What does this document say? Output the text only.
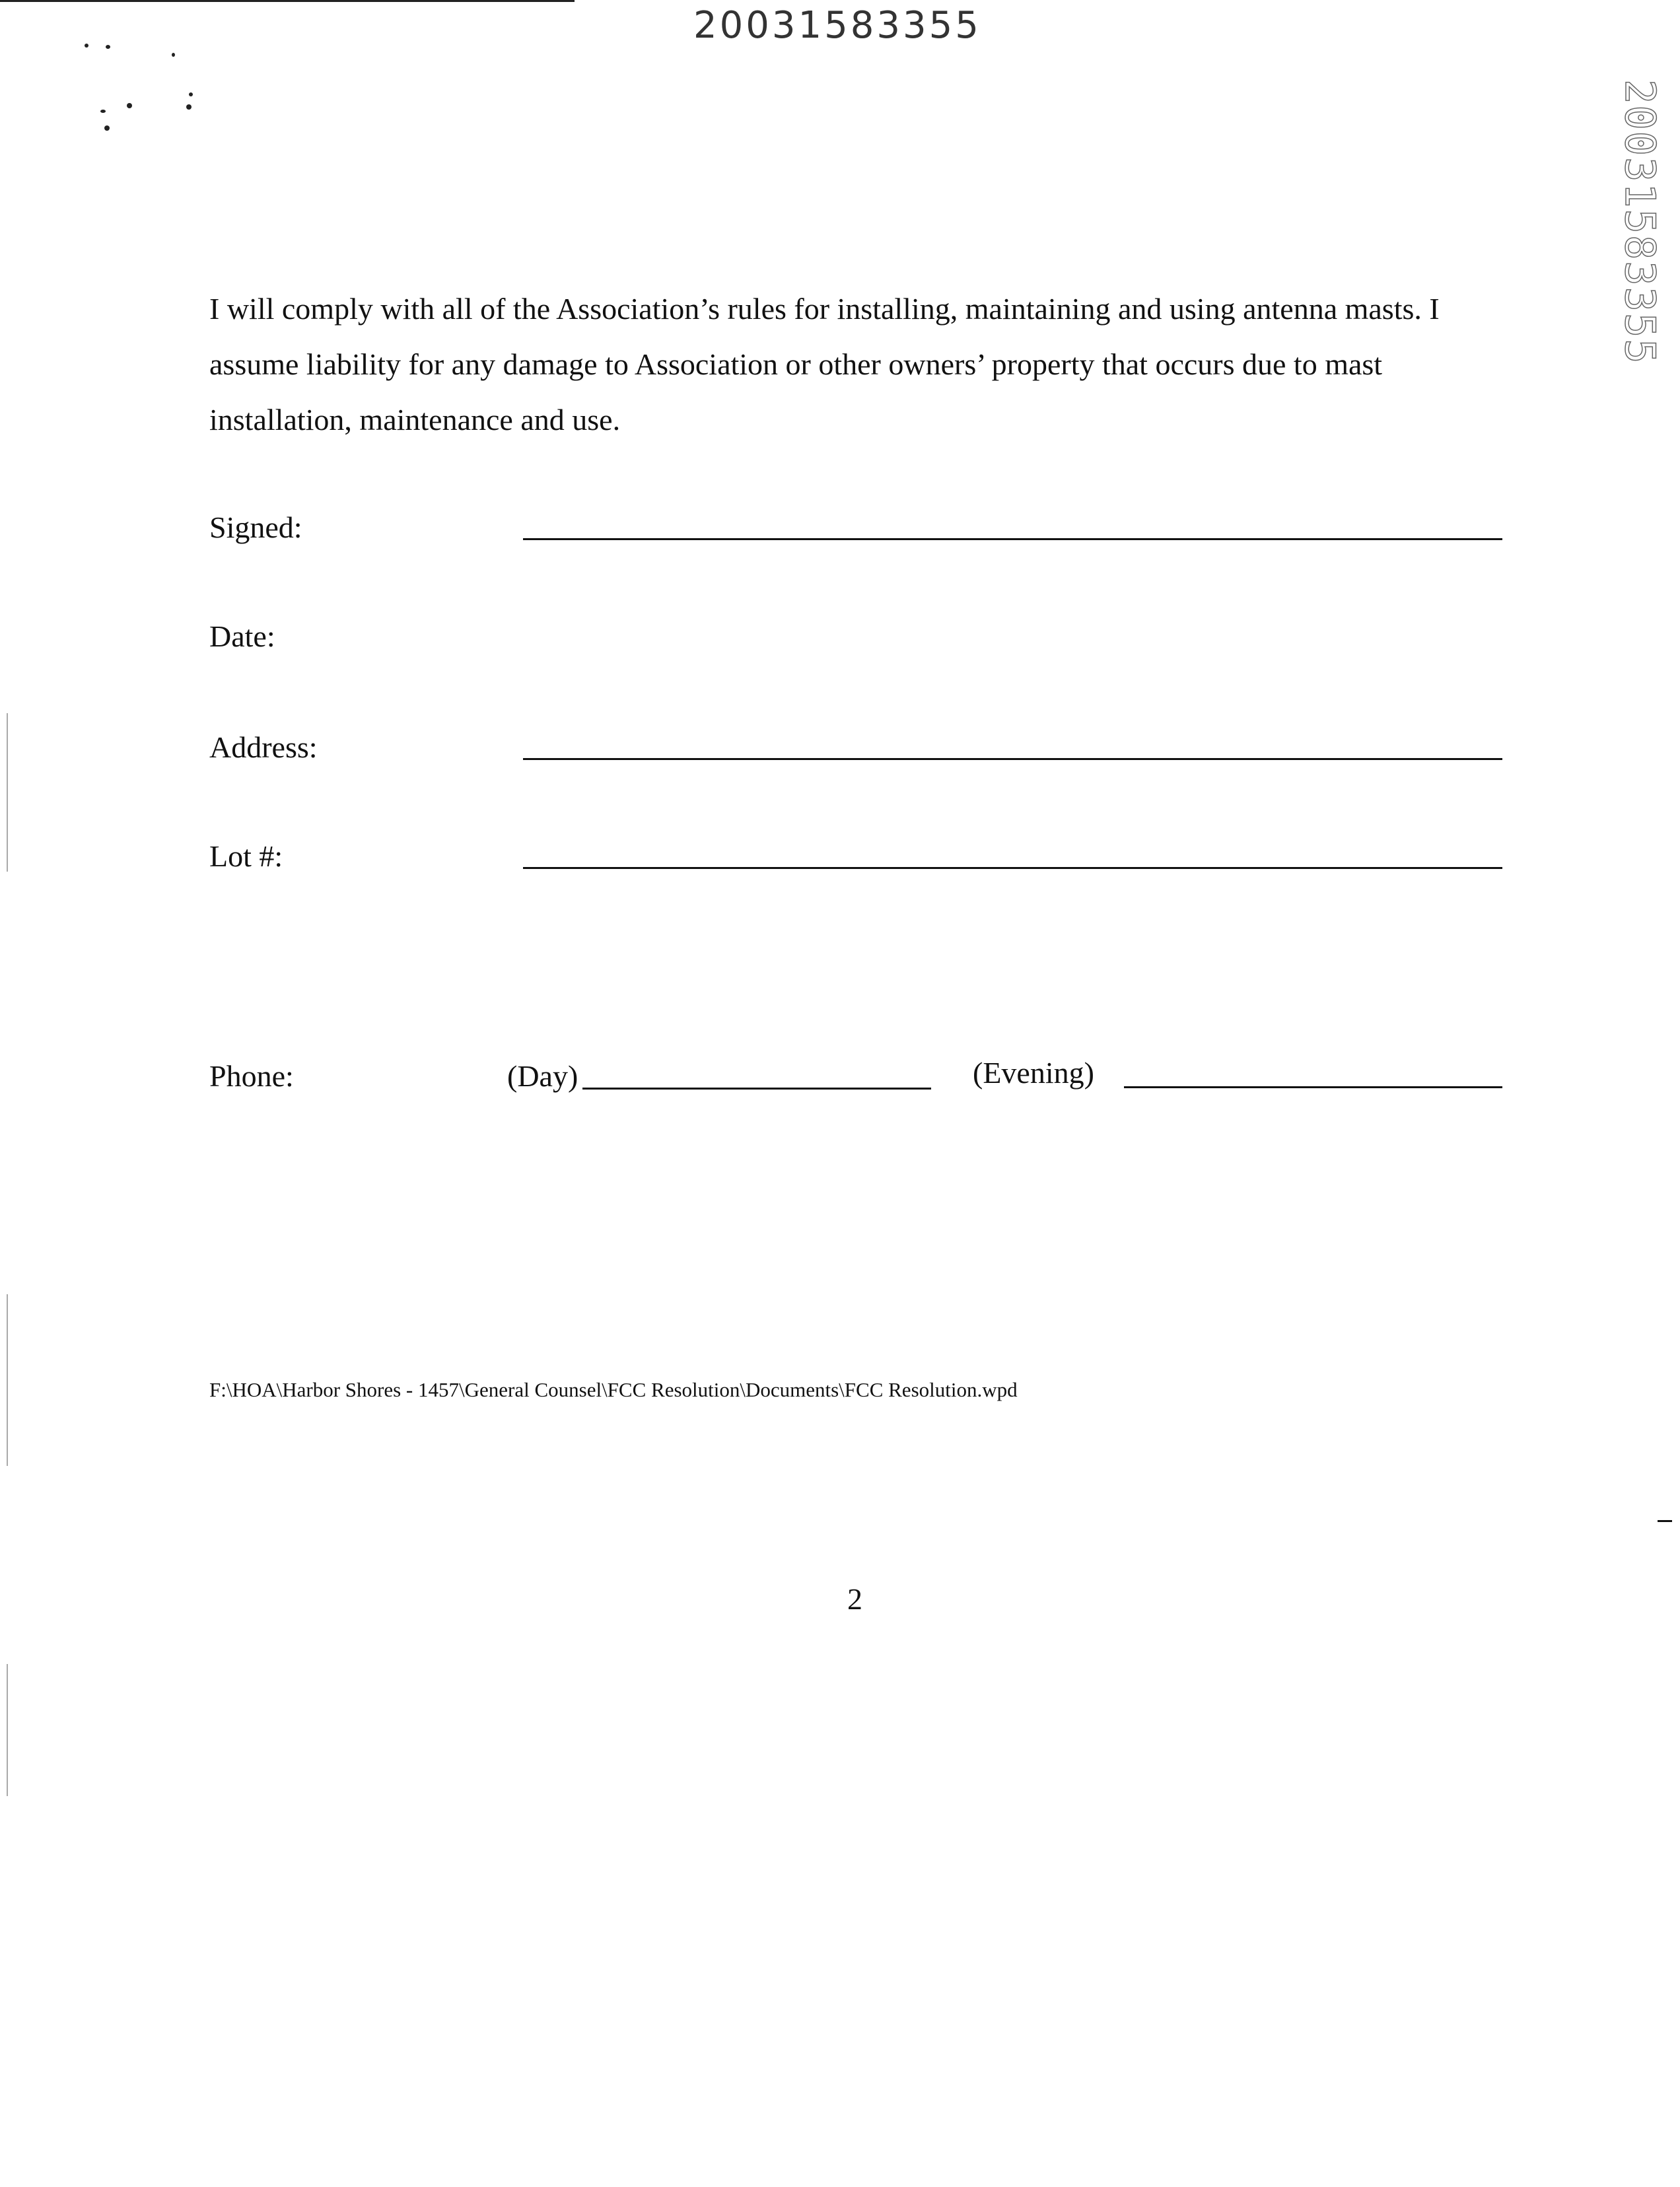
20031583355
20031583355
I will comply with all of the Association’s rules for installing, maintaining and using antenna masts. I assume liability for any damage to Association or other owners’ property that occurs due to mast installation, maintenance and use.
Signed:
Date:
Address:
Lot #:
Phone:	(Day)	(Evening)
F:\HOA\Harbor Shores - 1457\General Counsel\FCC Resolution\Documents\FCC Resolution.wpd
2
